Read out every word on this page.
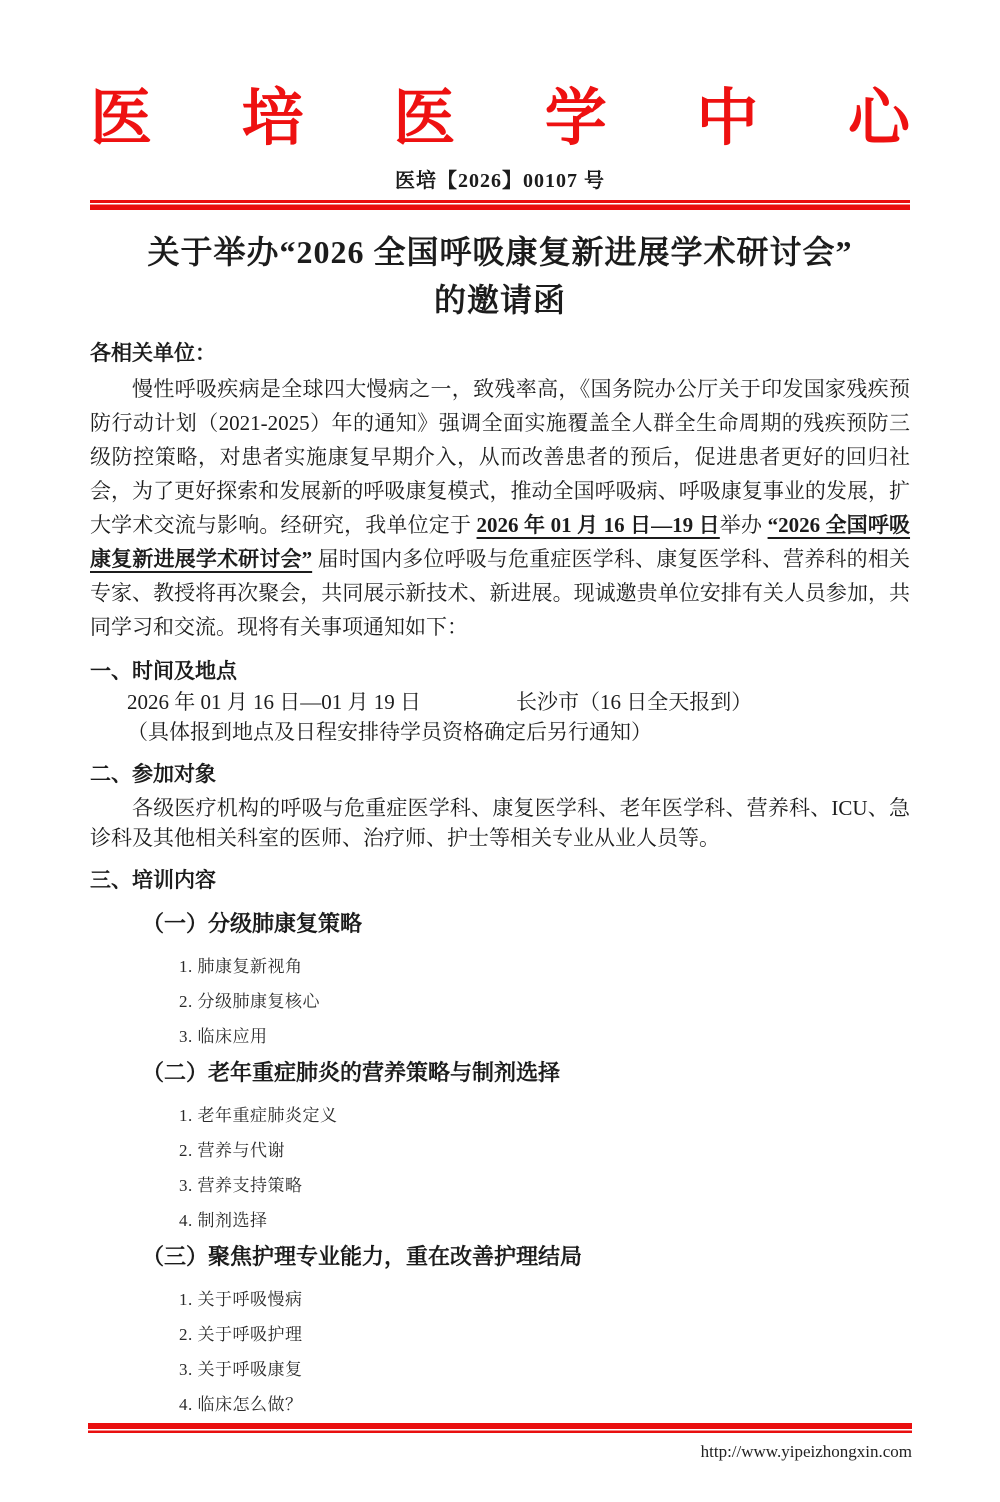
医 培 医 学 中 心
医培【2026】00107 号
关于举办“2026 全国呼吸康复新进展学术研讨会”
的邀请函
各相关单位：

慢性呼吸疾病是全球四大慢病之一，致残率高，《国务院办公厅关于印发国家残疾预防行动计划（2021-2025）年的通知》强调全面实施覆盖全人群全生命周期的残疾预防三级防控策略，对患者实施康复早期介入，从而改善患者的预后，促进患者更好的回归社会，为了更好探索和发展新的呼吸康复模式，推动全国呼吸病、呼吸康复事业的发展，扩大学术交流与影响。经研究，我单位定于 2026 年 01 月 16 日—19 日举办 “2026 全国呼吸康复新进展学术研讨会” 届时国内多位呼吸与危重症医学科、康复医学科、营养科的相关专家、教授将再次聚会，共同展示新技术、新进展。现诚邀贵单位安排有关人员参加，共同学习和交流。现将有关事项通知如下：

一、时间及地点
2026 年 01 月 16 日—01 月 19 日	长沙市（16 日全天报到）
（具体报到地点及日程安排待学员资格确定后另行通知）
二、参加对象

各级医疗机构的呼吸与危重症医学科、康复医学科、老年医学科、营养科、ICU、急诊科及其他相关科室的医师、治疗师、护士等相关专业从业人员等。

三、培训内容
（一）分级肺康复策略
1. 肺康复新视角
2. 分级肺康复核心
3. 临床应用
（二）老年重症肺炎的营养策略与制剂选择
1. 老年重症肺炎定义
2. 营养与代谢
3. 营养支持策略
4. 制剂选择
（三）聚焦护理专业能力，重在改善护理结局
1. 关于呼吸慢病
2. 关于呼吸护理
3. 关于呼吸康复
4. 临床怎么做？
http://www.yipeizhongxin.com
